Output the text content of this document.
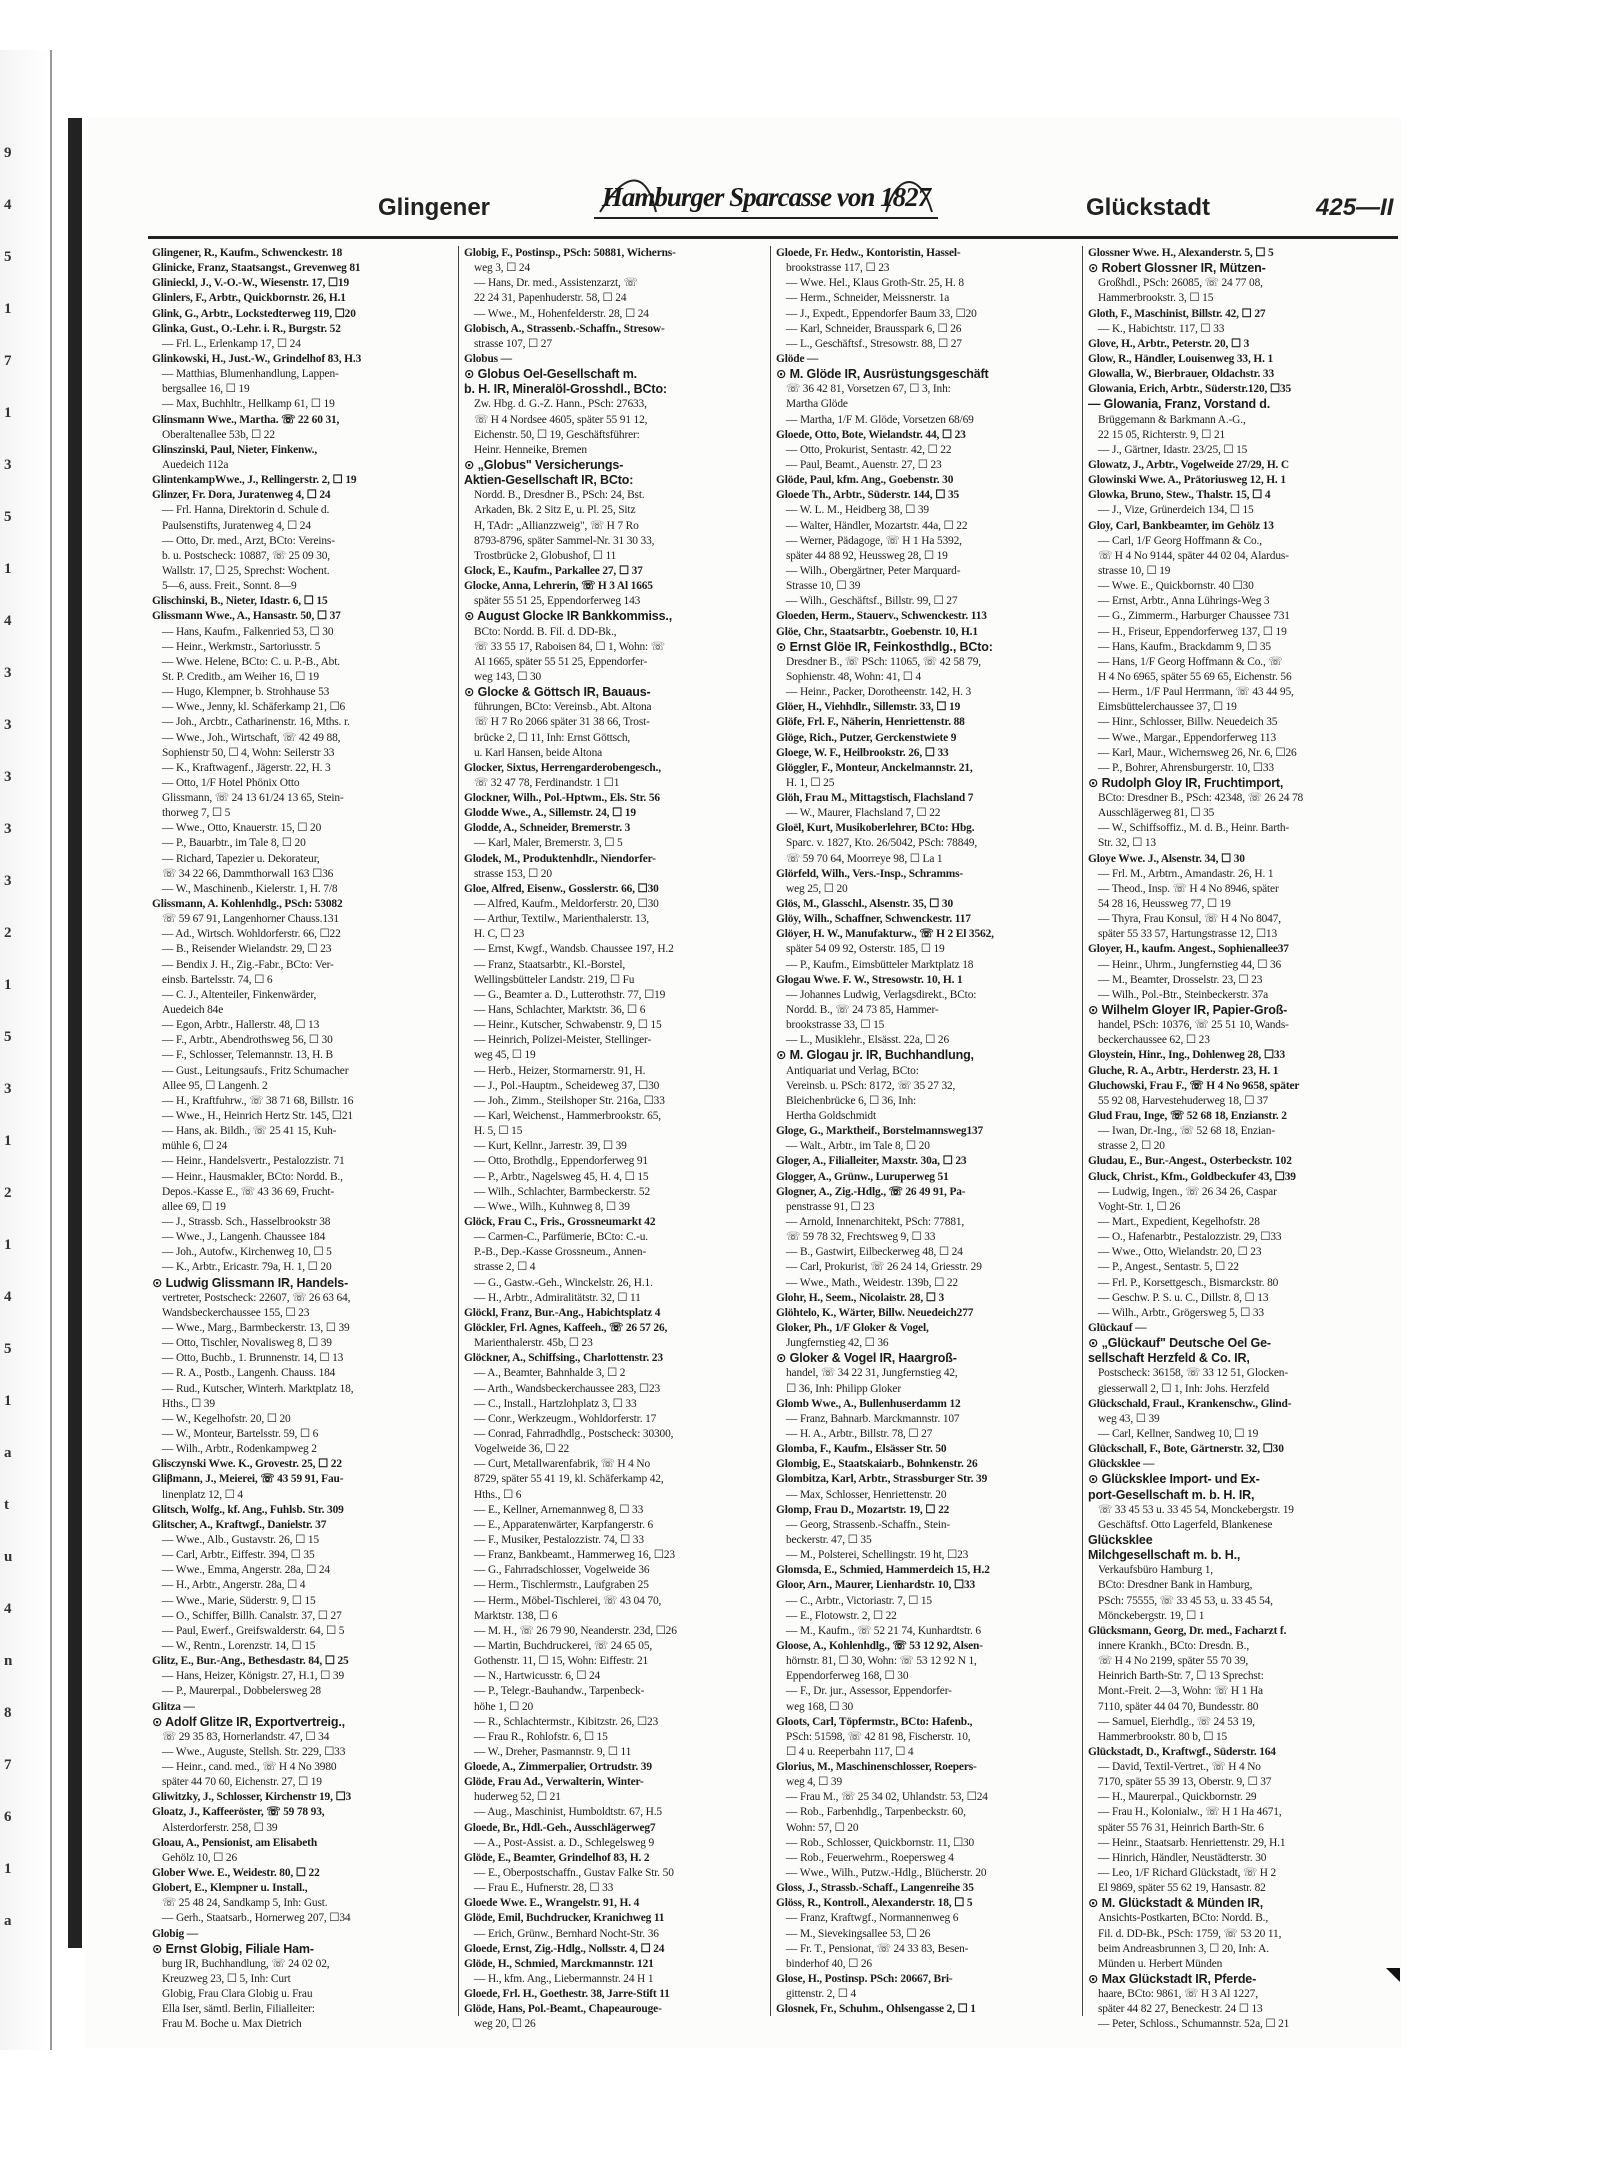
9
4
5
1
7
1
3
5
1
4
3
3
3
3
3
2
1
5
3
1
2
1
4
5
1
a
t
u
4
n
8
7
6
1
a
Glingener	Hamburger Sparcasse von 1827	Glückstadt	425—II
Glingener, R., Kaufm., Schwenckestr. 18
Glinicke, Franz, Staatsangst., Grevenweg 81
Glinieckl, J., V.-O.-W., Wiesenstr. 17, ☐19
Glinlers, F., Arbtr., Quickbornstr. 26, H.1
Glink, G., Arbtr., Lockstedterweg 119, ☐20
Glinka, Gust., O.-Lehr. i. R., Burgstr. 52
— Frl. L., Erlenkamp 17, ☐ 24
Glinkowski, H., Just.-W., Grindelhof 83, H.3
— Matthias, Blumenhandlung, Lappen-
bergsallee 16, ☐ 19
— Max, Buchhltr., Hellkamp 61, ☐ 19
Glinsmann Wwe., Martha. ☏ 22 60 31,
Oberaltenallee 53b, ☐ 22
Glinszinski, Paul, Nieter, Finkenw.,
Auedeich 112a
GlintenkampWwe., J., Rellingerstr. 2, ☐ 19
Glinzer, Fr. Dora, Juratenweg 4, ☐ 24
— Frl. Hanna, Direktorin d. Schule d.
Paulsenstifts, Juratenweg 4, ☐ 24
— Otto, Dr. med., Arzt, BCto: Vereins-
b. u. Postscheck: 10887, ☏ 25 09 30,
Wallstr. 17, ☐ 25, Sprechst: Wochent.
5—6, auss. Freit., Sonnt. 8—9
Glischinski, B., Nieter, Idastr. 6, ☐ 15
Glissmann Wwe., A., Hansastr. 50, ☐ 37
— Hans, Kaufm., Falkenried 53, ☐ 30
— Heinr., Werkmstr., Sartoriusstr. 5
— Wwe. Helene, BCto: C. u. P.-B., Abt.
St. P. Creditb., am Weiher 16, ☐ 19
— Hugo, Klempner, b. Strohhause 53
— Wwe., Jenny, kl. Schäferkamp 21, ☐6
— Joh., Arcbtr., Catharinenstr. 16, Mths. r.
— Wwe., Joh., Wirtschaft, ☏ 42 49 88,
Sophienstr 50, ☐ 4, Wohn: Seilerstr 33
— K., Kraftwagenf., Jägerstr. 22, H. 3
— Otto, 1/F Hotel Phönix Otto
Glissmann, ☏ 24 13 61/24 13 65, Stein-
thorweg 7, ☐ 5
— Wwe., Otto, Knauerstr. 15, ☐ 20
— P., Bauarbtr., im Tale 8, ☐ 20
— Richard, Tapezier u. Dekorateur,
☏ 34 22 66, Dammthorwall 163 ☐36
— W., Maschinenb., Kielerstr. 1, H. 7/8
Glissmann, A. Kohlenhdlg., PSch: 53082
☏ 59 67 91, Langenhorner Chauss.131
— Ad., Wirtsch. Wohldorferstr. 66, ☐22
— B., Reisender Wielandstr. 29, ☐ 23
— Bendix J. H., Zig.-Fabr., BCto: Ver-
einsb. Bartelsstr. 74, ☐ 6
— C. J., Altenteiler, Finkenwärder,
Auedeich 84e
— Egon, Arbtr., Hallerstr. 48, ☐ 13
— F., Arbtr., Abendrothsweg 56, ☐ 30
— F., Schlosser, Telemannstr. 13, H. B
— Gust., Leitungsaufs., Fritz Schumacher
Allee 95, ☐ Langenh. 2
— H., Kraftfuhrw., ☏ 38 71 68, Billstr. 16
— Wwe., H., Heinrich Hertz Str. 145, ☐21
— Hans, ak. Bildh., ☏ 25 41 15, Kuh-
mühle 6, ☐ 24
— Heinr., Handelsvertr., Pestalozzistr. 71
— Heinr., Hausmakler, BCto: Nordd. B.,
Depos.-Kasse E., ☏ 43 36 69, Frucht-
allee 69, ☐ 19
— J., Strassb. Sch., Hasselbrookstr 38
— Wwe., J., Langenh. Chaussee 184
— Joh., Autofw., Kirchenweg 10, ☐ 5
— K., Arbtr., Ericastr. 79a, H. 1, ☐ 20
⊙ Ludwig Glissmann IR, Handels-
vertreter, Postscheck: 22607, ☏ 26 63 64,
Wandsbeckerchaussee 155, ☐ 23
— Wwe., Marg., Barmbeckerstr. 13, ☐ 39
— Otto, Tischler, Novalisweg 8, ☐ 39
— Otto, Buchb., 1. Brunnenstr. 14, ☐ 13
— R. A., Postb., Langenh. Chauss. 184
— Rud., Kutscher, Winterh. Marktplatz 18,
Hths., ☐ 39
— W., Kegelhofstr. 20, ☐ 20
— W., Monteur, Bartelsstr. 59, ☐ 6
— Wilh., Arbtr., Rodenkampweg 2
Glisczynski Wwe. K., Grovestr. 25, ☐ 22
Gliβmann, J., Meierei, ☏ 43 59 91, Fau-
linenplatz 12, ☐ 4
Glitsch, Wolfg., kf. Ang., Fuhlsb. Str. 309
Glitscher, A., Kraftwgf., Danielstr. 37
— Wwe., Alb., Gustavstr. 26, ☐ 15
— Carl, Arbtr., Eiffestr. 394, ☐ 35
— Wwe., Emma, Angerstr. 28a, ☐ 24
— H., Arbtr., Angerstr. 28a, ☐ 4
— Wwe., Marie, Süderstr. 9, ☐ 15
— O., Schiffer, Billh. Canalstr. 37, ☐ 27
— Paul, Ewerf., Greifswalderstr. 64, ☐ 5
— W., Rentn., Lorenzstr. 14, ☐ 15
Glitz, E., Bur.-Ang., Bethesdastr. 84, ☐ 25
— Hans, Heizer, Königstr. 27, H.1, ☐ 39
— P., Maurerpal., Dobbelersweg 28
Glitza —
⊙ Adolf Glitze IR, Exportvertreig.,
☏ 29 35 83, Hornerlandstr. 47, ☐ 34
— Wwe., Auguste, Stellsh. Str. 229, ☐33
— Heinr., cand. med., ☏ H 4 No 3980
später 44 70 60, Eichenstr. 27, ☐ 19
Gliwitzky, J., Schlosser, Kirchenstr 19, ☐3
Gloatz, J., Kaffeeröster, ☏ 59 78 93,
Alsterdorferstr. 258, ☐ 39
Gloau, A., Pensionist, am Elisabeth
Gehölz 10, ☐ 26
Glober Wwe. E., Weidestr. 80, ☐ 22
Globert, E., Klempner u. Install.,
☏ 25 48 24, Sandkamp 5, Inh: Gust.
— Gerh., Staatsarb., Hornerweg 207, ☐34
Globig —
⊙ Ernst Globig, Filiale Ham-
burg IR, Buchhandlung, ☏ 24 02 02,
Kreuzweg 23, ☐ 5, Inh: Curt
Globig, Frau Clara Globig u. Frau
Ella Iser, sämtl. Berlin, Filialleiter:
Frau M. Boche u. Max Dietrich
Globig, F., Postinsp., PSch: 50881, Wicherns-
weg 3, ☐ 24
— Hans, Dr. med., Assistenzarzt, ☏
22 24 31, Papenhuderstr. 58, ☐ 24
— Wwe., M., Hohenfelderstr. 28, ☐ 24
Globisch, A., Strassenb.-Schaffn., Stresow-
strasse 107, ☐ 27
Globus —
⊙ Globus Oel-Gesellschaft m.
b. H. IR, Mineralöl-Grosshdl., BCto:
Zw. Hbg. d. G.-Z. Hann., PSch: 27633,
☏ H 4 Nordsee 4605, später 55 91 12,
Eichenstr. 50, ☐ 19, Geschäftsführer:
Heinr. Henneike, Bremen
⊙ „Globus" Versicherungs-
Aktien-Gesellschaft IR, BCto:
Nordd. B., Dresdner B., PSch: 24, Bst.
Arkaden, Bk. 2 Sitz E, u. Pl. 25, Sitz
H, TAdr: „Allianzzweig", ☏ H 7 Ro
8793-8796, später Sammel-Nr. 31 30 33,
Trostbrücke 2, Globushof, ☐ 11
Glock, E., Kaufm., Parkallee 27, ☐ 37
Glocke, Anna, Lehrerin, ☏ H 3 Al 1665
später 55 51 25, Eppendorferweg 143
⊙ August Glocke IR Bankkommiss.,
BCto: Nordd. B. Fil. d. DD-Bk.,
☏ 33 55 17, Raboisen 84, ☐ 1, Wohn: ☏
Al 1665, später 55 51 25, Eppendorfer-
weg 143, ☐ 30
⊙ Glocke & Göttsch IR, Bauaus-
führungen, BCto: Vereinsb., Abt. Altona
☏ H 7 Ro 2066 später 31 38 66, Trost-
brücke 2, ☐ 11, Inh: Ernst Göttsch,
u. Karl Hansen, beide Altona
Glocker, Sixtus, Herrengarderobengesch.,
☏ 32 47 78, Ferdinandstr. 1 ☐1
Glockner, Wilh., Pol.-Hptwm., Els. Str. 56
Glodde Wwe., A., Sillemstr. 24, ☐ 19
Glodde, A., Schneider, Bremerstr. 3
— Karl, Maler, Bremerstr. 3, ☐ 5
Glodek, M., Produktenhdlr., Niendorfer-
strasse 153, ☐ 20
Gloe, Alfred, Eisenw., Gosslerstr. 66, ☐30
— Alfred, Kaufm., Meldorferstr. 20, ☐30
— Arthur, Textilw., Marienthalerstr. 13,
H. C, ☐ 23
— Ernst, Kwgf., Wandsb. Chaussee 197, H.2
— Franz, Staatsarbtr., Kl.-Borstel,
Wellingsbütteler Landstr. 219, ☐ Fu
— G., Beamter a. D., Lutterothstr. 77, ☐19
— Hans, Schlachter, Marktstr. 36, ☐ 6
— Heinr., Kutscher, Schwabenstr. 9, ☐ 15
— Heinrich, Polizei-Meister, Stellinger-
weg 45, ☐ 19
— Herb., Heizer, Stormarnerstr. 91, H.
— J., Pol.-Hauptm., Scheideweg 37, ☐30
— Joh., Zimm., Steilshoper Str. 216a, ☐33
— Karl, Weichenst., Hammerbrookstr. 65,
H. 5, ☐ 15
— Kurt, Kellnr., Jarrestr. 39, ☐ 39
— Otto, Brothdlg., Eppendorferweg 91
— P., Arbtr., Nagelsweg 45, H. 4, ☐ 15
— Wilh., Schlachter, Barmbeckerstr. 52
— Wwe., Wilh., Kuhnweg 8, ☐ 39
Glöck, Frau C., Fris., Grossneumarkt 42
— Carmen-C., Parfümerie, BCto: C.-u.
P.-B., Dep.-Kasse Grossneum., Annen-
strasse 2, ☐ 4
— G., Gastw.-Geh., Winckelstr. 26, H.1.
— H., Arbtr., Admiralitätstr. 32, ☐ 11
Glöckl, Franz, Bur.-Ang., Habichtsplatz 4
Glöckler, Frl. Agnes, Kaffeeh., ☏ 26 57 26,
Marienthalerstr. 45b, ☐ 23
Glöckner, A., Schiffsing., Charlottenstr. 23
— A., Beamter, Bahnhalde 3, ☐ 2
— Arth., Wandsbeckerchaussee 283, ☐23
— C., Install., Hartzlohplatz 3, ☐ 33
— Conr., Werkzeugm., Wohldorferstr. 17
— Conrad, Fahrradhdlg., Postscheck: 30300,
Vogelweide 36, ☐ 22
— Curt, Metallwarenfabrik, ☏ H 4 No
8729, später 55 41 19, kl. Schäferkamp 42,
Hths., ☐ 6
— E., Kellner, Arnemannweg 8, ☐ 33
— E., Apparatenwärter, Karpfangerstr. 6
— F., Musiker, Pestalozzistr. 74, ☐ 33
— Franz, Bankbeamt., Hammerweg 16, ☐23
— G., Fahrradschlosser, Vogelweide 36
— Herm., Tischlermstr., Laufgraben 25
— Herm., Möbel-Tischlerei, ☏ 43 04 70,
Marktstr. 138, ☐ 6
— M. H., ☏ 26 79 90, Neanderstr. 23d, ☐26
— Martin, Buchdruckerei, ☏ 24 65 05,
Gothenstr. 11, ☐ 15, Wohn: Eiffestr. 21
— N., Hartwicusstr. 6, ☐ 24
— P., Telegr.-Bauhandw., Tarpenbeck-
höhe 1, ☐ 20
— R., Schlachtermstr., Kibitzstr. 26, ☐23
— Frau R., Rohlofstr. 6, ☐ 15
— W., Dreher, Pasmannstr. 9, ☐ 11
Gloede, A., Zimmerpalier, Ortrudstr. 39
Glöde, Frau Ad., Verwalterin, Winter-
huderweg 52, ☐ 21
— Aug., Maschinist, Humboldtstr. 67, H.5
Gloede, Br., Hdl.-Geh., Ausschlägerweg7
— A., Post-Assist. a. D., Schlegelsweg 9
Glöde, E., Beamter, Grindelhof 83, H. 2
— E., Oberpostschaffn., Gustav Falke Str. 50
— Frau E., Hufnerstr. 28, ☐ 33
Gloede Wwe. E., Wrangelstr. 91, H. 4
Glöde, Emil, Buchdrucker, Kranichweg 11
— Erich, Grünw., Bernhard Nocht-Str. 36
Gloede, Ernst, Zig.-Hdlg., Nollsstr. 4, ☐ 24
Glöde, H., Schmied, Marckmannstr. 121
— H., kfm. Ang., Liebermannstr. 24 H 1
Gloede, Frl. H., Goethestr. 38, Jarre-Stift 11
Glöde, Hans, Pol.-Beamt., Chapeaurouge-
weg 20, ☐ 26
Gloede, Fr. Hedw., Kontoristin, Hassel-
brookstrasse 117, ☐ 23
— Wwe. Hel., Klaus Groth-Str. 25, H. 8
— Herm., Schneider, Meissnerstr. 1a
— J., Expedt., Eppendorfer Baum 33, ☐20
— Karl, Schneider, Brausspark 6, ☐ 26
— L., Geschäftsf., Stresowstr. 88, ☐ 27
Glöde —
⊙ M. Glöde IR, Ausrüstungsgeschäft
☏ 36 42 81, Vorsetzen 67, ☐ 3, Inh:
Martha Glöde
— Martha, 1/F M. Glöde, Vorsetzen 68/69
Gloede, Otto, Bote, Wielandstr. 44, ☐ 23
— Otto, Prokurist, Sentastr. 42, ☐ 22
— Paul, Beamt., Auenstr. 27, ☐ 23
Glöde, Paul, kfm. Ang., Goebenstr. 30
Gloede Th., Arbtr., Süderstr. 144, ☐ 35
— W. L. M., Heidberg 38, ☐ 39
— Walter, Händler, Mozartstr. 44a, ☐ 22
— Werner, Pädagoge, ☏ H 1 Ha 5392,
später 44 88 92, Heussweg 28, ☐ 19
— Wilh., Obergärtner, Peter Marquard-
Strasse 10, ☐ 39
— Wilh., Geschäftsf., Billstr. 99, ☐ 27
Gloeden, Herm., Stauerv., Schwenckestr. 113
Glöe, Chr., Staatsarbtr., Goebenstr. 10, H.1
⊙ Ernst Glöe IR, Feinkosthdlg., BCto:
Dresdner B., ☏ PSch: 11065, ☏ 42 58 79,
Sophienstr. 48, Wohn: 41, ☐ 4
— Heinr., Packer, Dorotheenstr. 142, H. 3
Glöer, H., Viehhdlr., Sillemstr. 33, ☐ 19
Glöfe, Frl. F., Näherin, Henriettenstr. 88
Glöge, Rich., Putzer, Gerckenstwiete 9
Gloege, W. F., Heilbrookstr. 26, ☐ 33
Glöggler, F., Monteur, Anckelmannstr. 21,
H. 1, ☐ 25
Glöh, Frau M., Mittagstisch, Flachsland 7
— W., Maurer, Flachsland 7, ☐ 22
Gloël, Kurt, Musikoberlehrer, BCto: Hbg.
Sparc. v. 1827, Kto. 26/5042, PSch: 78849,
☏ 59 70 64, Moorreye 98, ☐ La 1
Glörfeld, Wilh., Vers.-Insp., Schramms-
weg 25, ☐ 20
Glös, M., Glasschl., Alsenstr. 35, ☐ 30
Glöy, Wilh., Schaffner, Schwenckestr. 117
Glöyer, H. W., Manufakturw., ☏ H 2 El 3562,
später 54 09 92, Osterstr. 185, ☐ 19
— P., Kaufm., Eimsbütteler Marktplatz 18
Glogau Wwe. F. W., Stresowstr. 10, H. 1
— Johannes Ludwig, Verlagsdirekt., BCto:
Nordd. B., ☏ 24 73 85, Hammer-
brookstrasse 33, ☐ 15
— L., Musiklehr., Elsässt. 22a, ☐ 26
⊙ M. Glogau jr. IR, Buchhandlung,
Antiquariat und Verlag, BCto:
Vereinsb. u. PSch: 8172, ☏ 35 27 32,
Bleichenbrücke 6, ☐ 36, Inh:
Hertha Goldschmidt
Gloge, G., Marktheif., Borstelmannsweg137
— Walt., Arbtr., im Tale 8, ☐ 20
Gloger, A., Filialleiter, Maxstr. 30a, ☐ 23
Glogger, A., Grünw., Luruperweg 51
Glogner, A., Zig.-Hdlg., ☏ 26 49 91, Pa-
penstrasse 91, ☐ 23
— Arnold, Innenarchitekt, PSch: 77881,
☏ 59 78 32, Frechtsweg 9, ☐ 33
— B., Gastwirt, Eilbeckerweg 48, ☐ 24
— Carl, Prokurist, ☏ 26 24 14, Griesstr. 29
— Wwe., Math., Weidestr. 139b, ☐ 22
Glohr, H., Seem., Nicolaistr. 28, ☐ 3
Glöhtelo, K., Wärter, Billw. Neuedeich277
Gloker, Ph., 1/F Gloker & Vogel,
Jungfernstieg 42, ☐ 36
⊙ Gloker & Vogel IR, Haargroß-
handel, ☏ 34 22 31, Jungfernstieg 42,
☐ 36, Inh: Philipp Gloker
Glomb Wwe., A., Bullenhuserdamm 12
— Franz, Bahnarb. Marckmannstr. 107
— H. A., Arbtr., Billstr. 78, ☐ 27
Glomba, F., Kaufm., Elsässer Str. 50
Glombig, E., Staatskaiarb., Bohnkenstr. 26
Glombitza, Karl, Arbtr., Strassburger Str. 39
— Max, Schlosser, Henriettenstr. 20
Glomp, Frau D., Mozartstr. 19, ☐ 22
— Georg, Strassenb.-Schaffn., Stein-
beckerstr. 47, ☐ 35
— M., Polsterei, Schellingstr. 19 ht, ☐23
Glomsda, E., Schmied, Hammerdeich 15, H.2
Gloor, Arn., Maurer, Lienhardstr. 10, ☐33
— C., Arbtr., Victoriastr. 7, ☐ 15
— E., Flotowstr. 2, ☐ 22
— M., Kaufm., ☏ 52 21 74, Kunhardtstr. 6
Gloose, A., Kohlenhdlg., ☏ 53 12 92, Alsen-
hörnstr. 81, ☐ 30, Wohn: ☏ 53 12 92 N 1,
Eppendorferweg 168, ☐ 30
— F., Dr. jur., Assessor, Eppendorfer-
weg 168, ☐ 30
Gloots, Carl, Töpfermstr., BCto: Hafenb.,
PSch: 51598, ☏ 42 81 98, Fischerstr. 10,
☐ 4 u. Reeperbahn 117, ☐ 4
Glorius, M., Maschinenschlosser, Roepers-
weg 4, ☐ 39
— Frau M., ☏ 25 34 02, Uhlandstr. 53, ☐24
— Rob., Farbenhdlg., Tarpenbeckstr. 60,
Wohn: 57, ☐ 20
— Rob., Schlosser, Quickbornstr. 11, ☐30
— Rob., Feuerwehrm., Roepersweg 4
— Wwe., Wilh., Putzw.-Hdlg., Blücherstr. 20
Gloss, J., Strassb.-Schaff., Langenreihe 35
Glöss, R., Kontroll., Alexanderstr. 18, ☐ 5
— Franz, Kraftwgf., Normannenweg 6
— M., Sievekingsallee 53, ☐ 26
— Fr. T., Pensionat, ☏ 24 33 83, Besen-
binderhof 40, ☐ 26
Glose, H., Postinsp. PSch: 20667, Bri-
gittenstr. 2, ☐ 4
Glosnek, Fr., Schuhm., Ohlsengasse 2, ☐ 1
Glossner Wwe. H., Alexanderstr. 5, ☐ 5
⊙ Robert Glossner IR, Mützen-
Großhdl., PSch: 26085, ☏ 24 77 08,
Hammerbrookstr. 3, ☐ 15
Gloth, F., Maschinist, Billstr. 42, ☐ 27
— K., Habichtstr. 117, ☐ 33
Glove, H., Arbtr., Peterstr. 20, ☐ 3
Glow, R., Händler, Louisenweg 33, H. 1
Glowalla, W., Bierbrauer, Oldachstr. 33
Glowania, Erich, Arbtr., Süderstr.120, ☐35
— Glowania, Franz, Vorstand d.
Brüggemann & Barkmann A.-G.,
22 15 05, Richterstr. 9, ☐ 21
— J., Gärtner, Idastr. 23/25, ☐ 15
Glowatz, J., Arbtr., Vogelweide 27/29, H. C
Glowinski Wwe. A., Prätoriusweg 12, H. 1
Glowka, Bruno, Stew., Thalstr. 15, ☐ 4
— J., Vize, Grünerdeich 134, ☐ 15
Gloy, Carl, Bankbeamter, im Gehölz 13
— Carl, 1/F Georg Hoffmann & Co.,
☏ H 4 No 9144, später 44 02 04, Alardus-
strasse 10, ☐ 19
— Wwe. E., Quickbornstr. 40 ☐30
— Ernst, Arbtr., Anna Lührings-Weg 3
— G., Zimmerm., Harburger Chaussee 731
— H., Friseur, Eppendorferweg 137, ☐ 19
— Hans, Kaufm., Brackdamm 9, ☐ 35
— Hans, 1/F Georg Hoffmann & Co., ☏
H 4 No 6965, später 55 69 65, Eichenstr. 56
— Herm., 1/F Paul Herrmann, ☏ 43 44 95,
Eimsbüttelerchaussee 37, ☐ 19
— Hinr., Schlosser, Billw. Neuedeich 35
— Wwe., Margar., Eppendorferweg 113
— Karl, Maur., Wichernsweg 26, Nr. 6, ☐26
— P., Bohrer, Ahrensburgerstr. 10, ☐33
⊙ Rudolph Gloy IR, Fruchtimport,
BCto: Dresdner B., PSch: 42348, ☏ 26 24 78
Ausschlägerweg 81, ☐ 35
— W., Schiffsoffiz., M. d. B., Heinr. Barth-
Str. 32, ☐ 13
Gloye Wwe. J., Alsenstr. 34, ☐ 30
— Frl. M., Arbtrn., Amandastr. 26, H. 1
— Theod., Insp. ☏ H 4 No 8946, später
54 28 16, Heussweg 77, ☐ 19
— Thyra, Frau Konsul, ☏ H 4 No 8047,
später 55 33 57, Hartungstrasse 12, ☐13
Gloyer, H., kaufm. Angest., Sophienallee37
— Heinr., Uhrm., Jungfernstieg 44, ☐ 36
— M., Beamter, Drosselstr. 23, ☐ 23
— Wilh., Pol.-Btr., Steinbeckerstr. 37a
⊙ Wilhelm Gloyer IR, Papier-Groß-
handel, PSch: 10376, ☏ 25 51 10, Wands-
beckerchaussee 62, ☐ 23
Gloystein, Hinr., Ing., Dohlenweg 28, ☐33
Gluche, R. A., Arbtr., Herderstr. 23, H. 1
Gluchowski, Frau F., ☏ H 4 No 9658, später
55 92 08, Harvestehuderweg 18, ☐ 37
Glud Frau, Inge, ☏ 52 68 18, Enzianstr. 2
— Iwan, Dr.-Ing., ☏ 52 68 18, Enzian-
strasse 2, ☐ 20
Gludau, E., Bur.-Angest., Osterbeckstr. 102
Gluck, Christ., Kfm., Goldbeckufer 43, ☐39
— Ludwig, Ingen., ☏ 26 34 26, Caspar
Voght-Str. 1, ☐ 26
— Mart., Expedient, Kegelhofstr. 28
— O., Hafenarbtr., Pestalozzistr. 29, ☐33
— Wwe., Otto, Wielandstr. 20, ☐ 23
— P., Angest., Sentastr. 5, ☐ 22
— Frl. P., Korsettgesch., Bismarckstr. 80
— Geschw. P. S. u. C., Dillstr. 8, ☐ 13
— Wilh., Arbtr., Grögersweg 5, ☐ 33
Glückauf —
⊙ „Glückauf" Deutsche Oel Ge-
sellschaft Herzfeld & Co. IR,
Postscheck: 36158, ☏ 33 12 51, Glocken-
giesserwall 2, ☐ 1, Inh: Johs. Herzfeld
Glückschald, Fraul., Krankenschw., Glind-
weg 43, ☐ 39
— Carl, Kellner, Sandweg 10, ☐ 19
Glückschall, F., Bote, Gärtnerstr. 32, ☐30
Glücksklee —
⊙ Glücksklee Import- und Ex-
port-Gesellschaft m. b. H. IR,
☏ 33 45 53 u. 33 45 54, Monckebergstr. 19
Geschäftsf. Otto Lagerfeld, Blankenese
Glücksklee
Milchgesellschaft m. b. H.,
Verkaufsbüro Hamburg 1,
BCto: Dresdner Bank in Hamburg,
PSch: 75555, ☏ 33 45 53, u. 33 45 54,
Mönckebergstr. 19, ☐ 1
Glücksmann, Georg, Dr. med., Facharzt f.
innere Krankh., BCto: Dresdn. B.,
☏ H 4 No 2199, später 55 70 39,
Heinrich Barth-Str. 7, ☐ 13 Sprechst:
Mont.-Freit. 2—3, Wohn: ☏ H 1 Ha
7110, später 44 04 70, Bundesstr. 80
— Samuel, Eierhdlg., ☏ 24 53 19,
Hammerbrookstr. 80 b, ☐ 15
Glückstadt, D., Kraftwgf., Süderstr. 164
— David, Textil-Vertret., ☏ H 4 No
7170, später 55 39 13, Oberstr. 9, ☐ 37
— H., Maurerpal., Quickbornstr. 29
— Frau H., Kolonialw., ☏ H 1 Ha 4671,
später 55 76 31, Heinrich Barth-Str. 6
— Heinr., Staatsarb. Henriettenstr. 29, H.1
— Hinrich, Händler, Neustädterstr. 30
— Leo, 1/F Richard Glückstadt, ☏ H 2
El 9869, später 55 62 19, Hansastr. 82
⊙ M. Glückstadt & Münden IR,
Ansichts-Postkarten, BCto: Nordd. B.,
Fil. d. DD-Bk., PSch: 1759, ☏ 53 20 11,
beim Andreasbrunnen 3, ☐ 20, Inh: A.
Münden u. Herbert Münden
⊙ Max Glückstadt IR, Pferde-
haare, BCto: 9861, ☏ H 3 Al 1227,
später 44 82 27, Beneckestr. 24 ☐ 13
— Peter, Schloss., Schumannstr. 52a, ☐ 21
